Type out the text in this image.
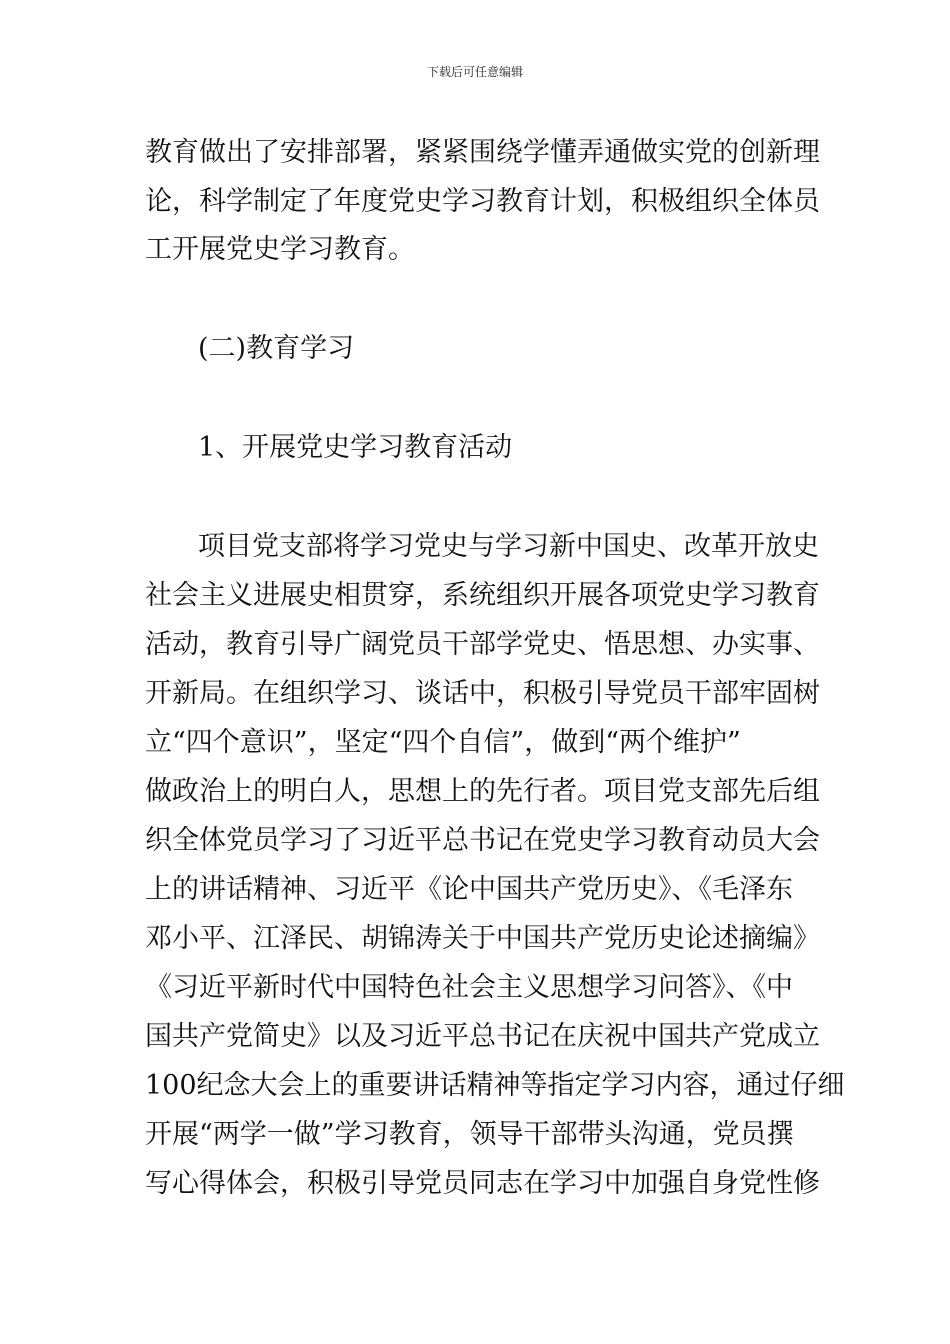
下载后可任意编辑
教育做出了安排部署，紧紧围绕学懂弄通做实党的创新理
论，科学制定了年度党史学习教育计划，积极组织全体员
工开展党史学习教育。
(二)教育学习
1、开展党史学习教育活动
项目党支部将学习党史与学习新中国史、改革开放史
社会主义进展史相贯穿，系统组织开展各项党史学习教育
活动，教育引导广阔党员干部学党史、悟思想、办实事、
开新局。在组织学习、谈话中，积极引导党员干部牢固树
立“四个意识”，坚定“四个自信”，做到“两个维护”
做政治上的明白人，思想上的先行者。项目党支部先后组
织全体党员学习了习近平总书记在党史学习教育动员大会
上的讲话精神、习近平《论中国共产党历史》、《毛泽东
邓小平、江泽民、胡锦涛关于中国共产党历史论述摘编》
《习近平新时代中国特色社会主义思想学习问答》、《中
国共产党简史》以及习近平总书记在庆祝中国共产党成立
100纪念大会上的重要讲话精神等指定学习内容，通过仔细
开展“两学一做”学习教育，领导干部带头沟通，党员撰
写心得体会，积极引导党员同志在学习中加强自身党性修
